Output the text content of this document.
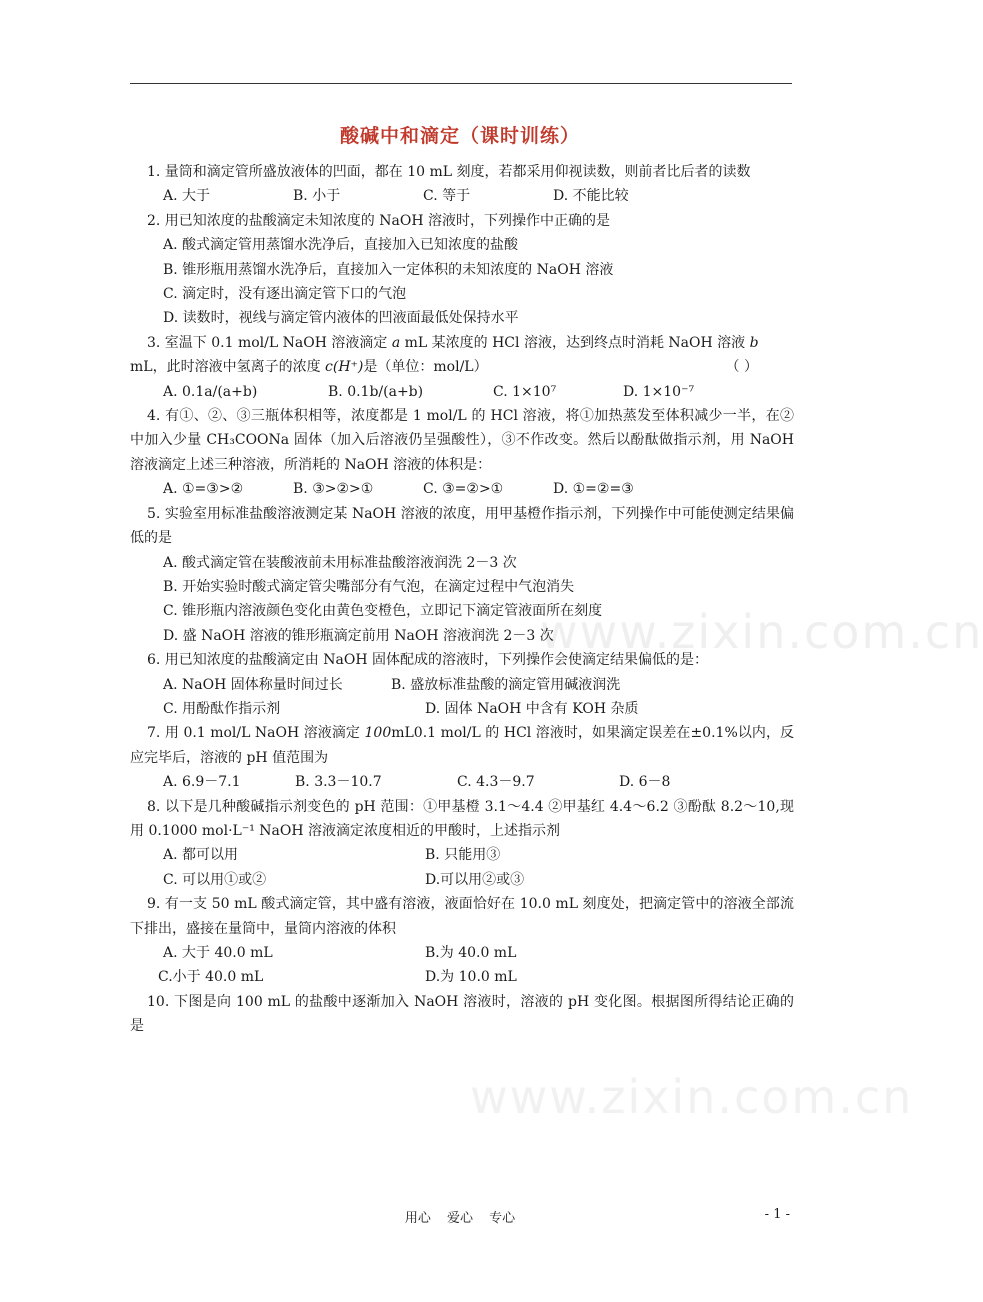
酸碱中和滴定（课时训练）
www.zixin.com.cn

1. 量筒和滴定管所盛放液体的凹面，都在 10 mL 刻度，若都采用仰视读数，则前者比后者的读数

A. 大于	B. 小于	C. 等于	D. 不能比较

2. 用已知浓度的盐酸滴定未知浓度的 NaOH 溶液时，下列操作中正确的是

A. 酸式滴定管用蒸馏水洗净后，直接加入已知浓度的盐酸

B. 锥形瓶用蒸馏水洗净后，直接加入一定体积的未知浓度的 NaOH 溶液

C. 滴定时，没有逐出滴定管下口的气泡

D. 读数时，视线与滴定管内液体的凹液面最低处保持水平

3. 室温下 0.1 mol/L NaOH 溶液滴定 a mL 某浓度的 HCl 溶液，达到终点时消耗 NaOH 溶液 b
mL，此时溶液中氢离子的浓度 c(H⁺)是（单位：mol/L）	（ ）

A. 0.1a/(a+b)	B. 0.1b/(a+b)	C. 1×10⁷	D. 1×10⁻⁷

4. 有①、②、③三瓶体积相等，浓度都是 1 mol/L 的 HCl 溶液，将①加热蒸发至体积减少一半，在②中加入少量 CH₃COONa 固体（加入后溶液仍呈强酸性），③不作改变。然后以酚酞做指示剂，用 NaOH 溶液滴定上述三种溶液，所消耗的 NaOH 溶液的体积是：

A. ①=③>②	B. ③>②>①	C. ③=②>①	D. ①=②=③

5. 实验室用标准盐酸溶液测定某 NaOH 溶液的浓度，用甲基橙作指示剂，下列操作中可能使测定结果偏低的是

A. 酸式滴定管在装酸液前未用标准盐酸溶液润洗 2－3 次

B. 开始实验时酸式滴定管尖嘴部分有气泡，在滴定过程中气泡消失

C. 锥形瓶内溶液颜色变化由黄色变橙色，立即记下滴定管液面所在刻度

D. 盛 NaOH 溶液的锥形瓶滴定前用 NaOH 溶液润洗 2－3 次

6. 用已知浓度的盐酸滴定由 NaOH 固体配成的溶液时，下列操作会使滴定结果偏低的是：

A. NaOH 固体称量时间过长	B. 盛放标准盐酸的滴定管用碱液润洗

C. 用酚酞作指示剂	D. 固体 NaOH 中含有 KOH 杂质

7. 用 0.1 mol/L NaOH 溶液滴定 100mL0.1 mol/L 的 HCl 溶液时，如果滴定误差在±0.1%以内，反应完毕后，溶液的 pH 值范围为

A. 6.9－7.1	B. 3.3－10.7	C. 4.3－9.7	D. 6－8

8. 以下是几种酸碱指示剂变色的 pH 范围：①甲基橙 3.1～4.4 ②甲基红 4.4～6.2 ③酚酞 8.2～10,现用 0.1000 mol·L⁻¹ NaOH 溶液滴定浓度相近的甲酸时，上述指示剂

A. 都可以用	B. 只能用③

C. 可以用①或②	D.可以用②或③

9. 有一支 50 mL 酸式滴定管，其中盛有溶液，液面恰好在 10.0 mL 刻度处，把滴定管中的溶液全部流下排出，盛接在量筒中，量筒内溶液的体积

A. 大于 40.0 mL	B.为 40.0 mL

C.小于 40.0 mL	D.为 10.0 mL

10. 下图是向 100 mL 的盐酸中逐渐加入 NaOH 溶液时，溶液的 pH 变化图。根据图所得结论正确的是

www.zixin.com.cn
用心 爱心 专心	- 1 -
